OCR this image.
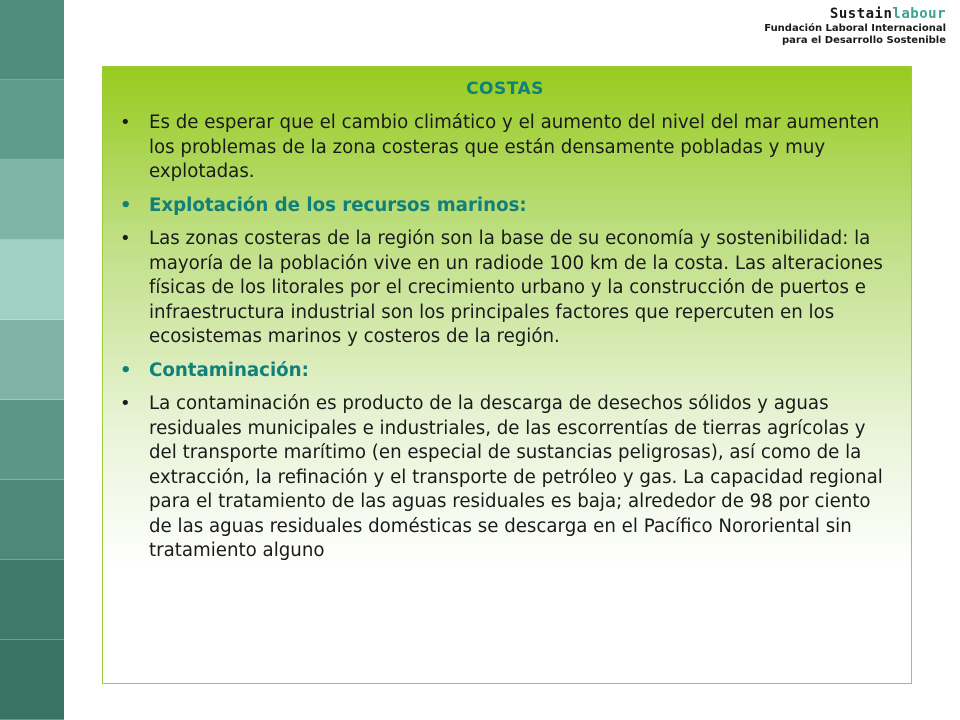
Sustainlabour
Fundación Laboral Internacional
para el Desarrollo Sostenible
COSTAS
• Es de esperar que el cambio climático y el aumento del nivel del mar aumenten los problemas de la zona costeras que están densamente pobladas y muy explotadas.
• Explotación de los recursos marinos:
• Las zonas costeras de la región son la base de su economía y sostenibilidad: la mayoría de la población vive en un radiode 100 km de la costa. Las alteraciones físicas de los litorales por el crecimiento urbano y la construcción de puertos e infraestructura industrial son los principales factores que repercuten en los ecosistemas marinos y costeros de la región.
• Contaminación:
• La contaminación es producto de la descarga de desechos sólidos y aguas residuales municipales e industriales, de las escorrentías de tierras agrícolas y del transporte marítimo (en especial de sustancias peligrosas), así como de la extracción, la refinación y el transporte de petróleo y gas. La capacidad regional para el tratamiento de las aguas residuales es baja; alrededor de 98 por ciento de las aguas residuales domésticas se descarga en el Pacífico Nororiental sin tratamiento alguno
